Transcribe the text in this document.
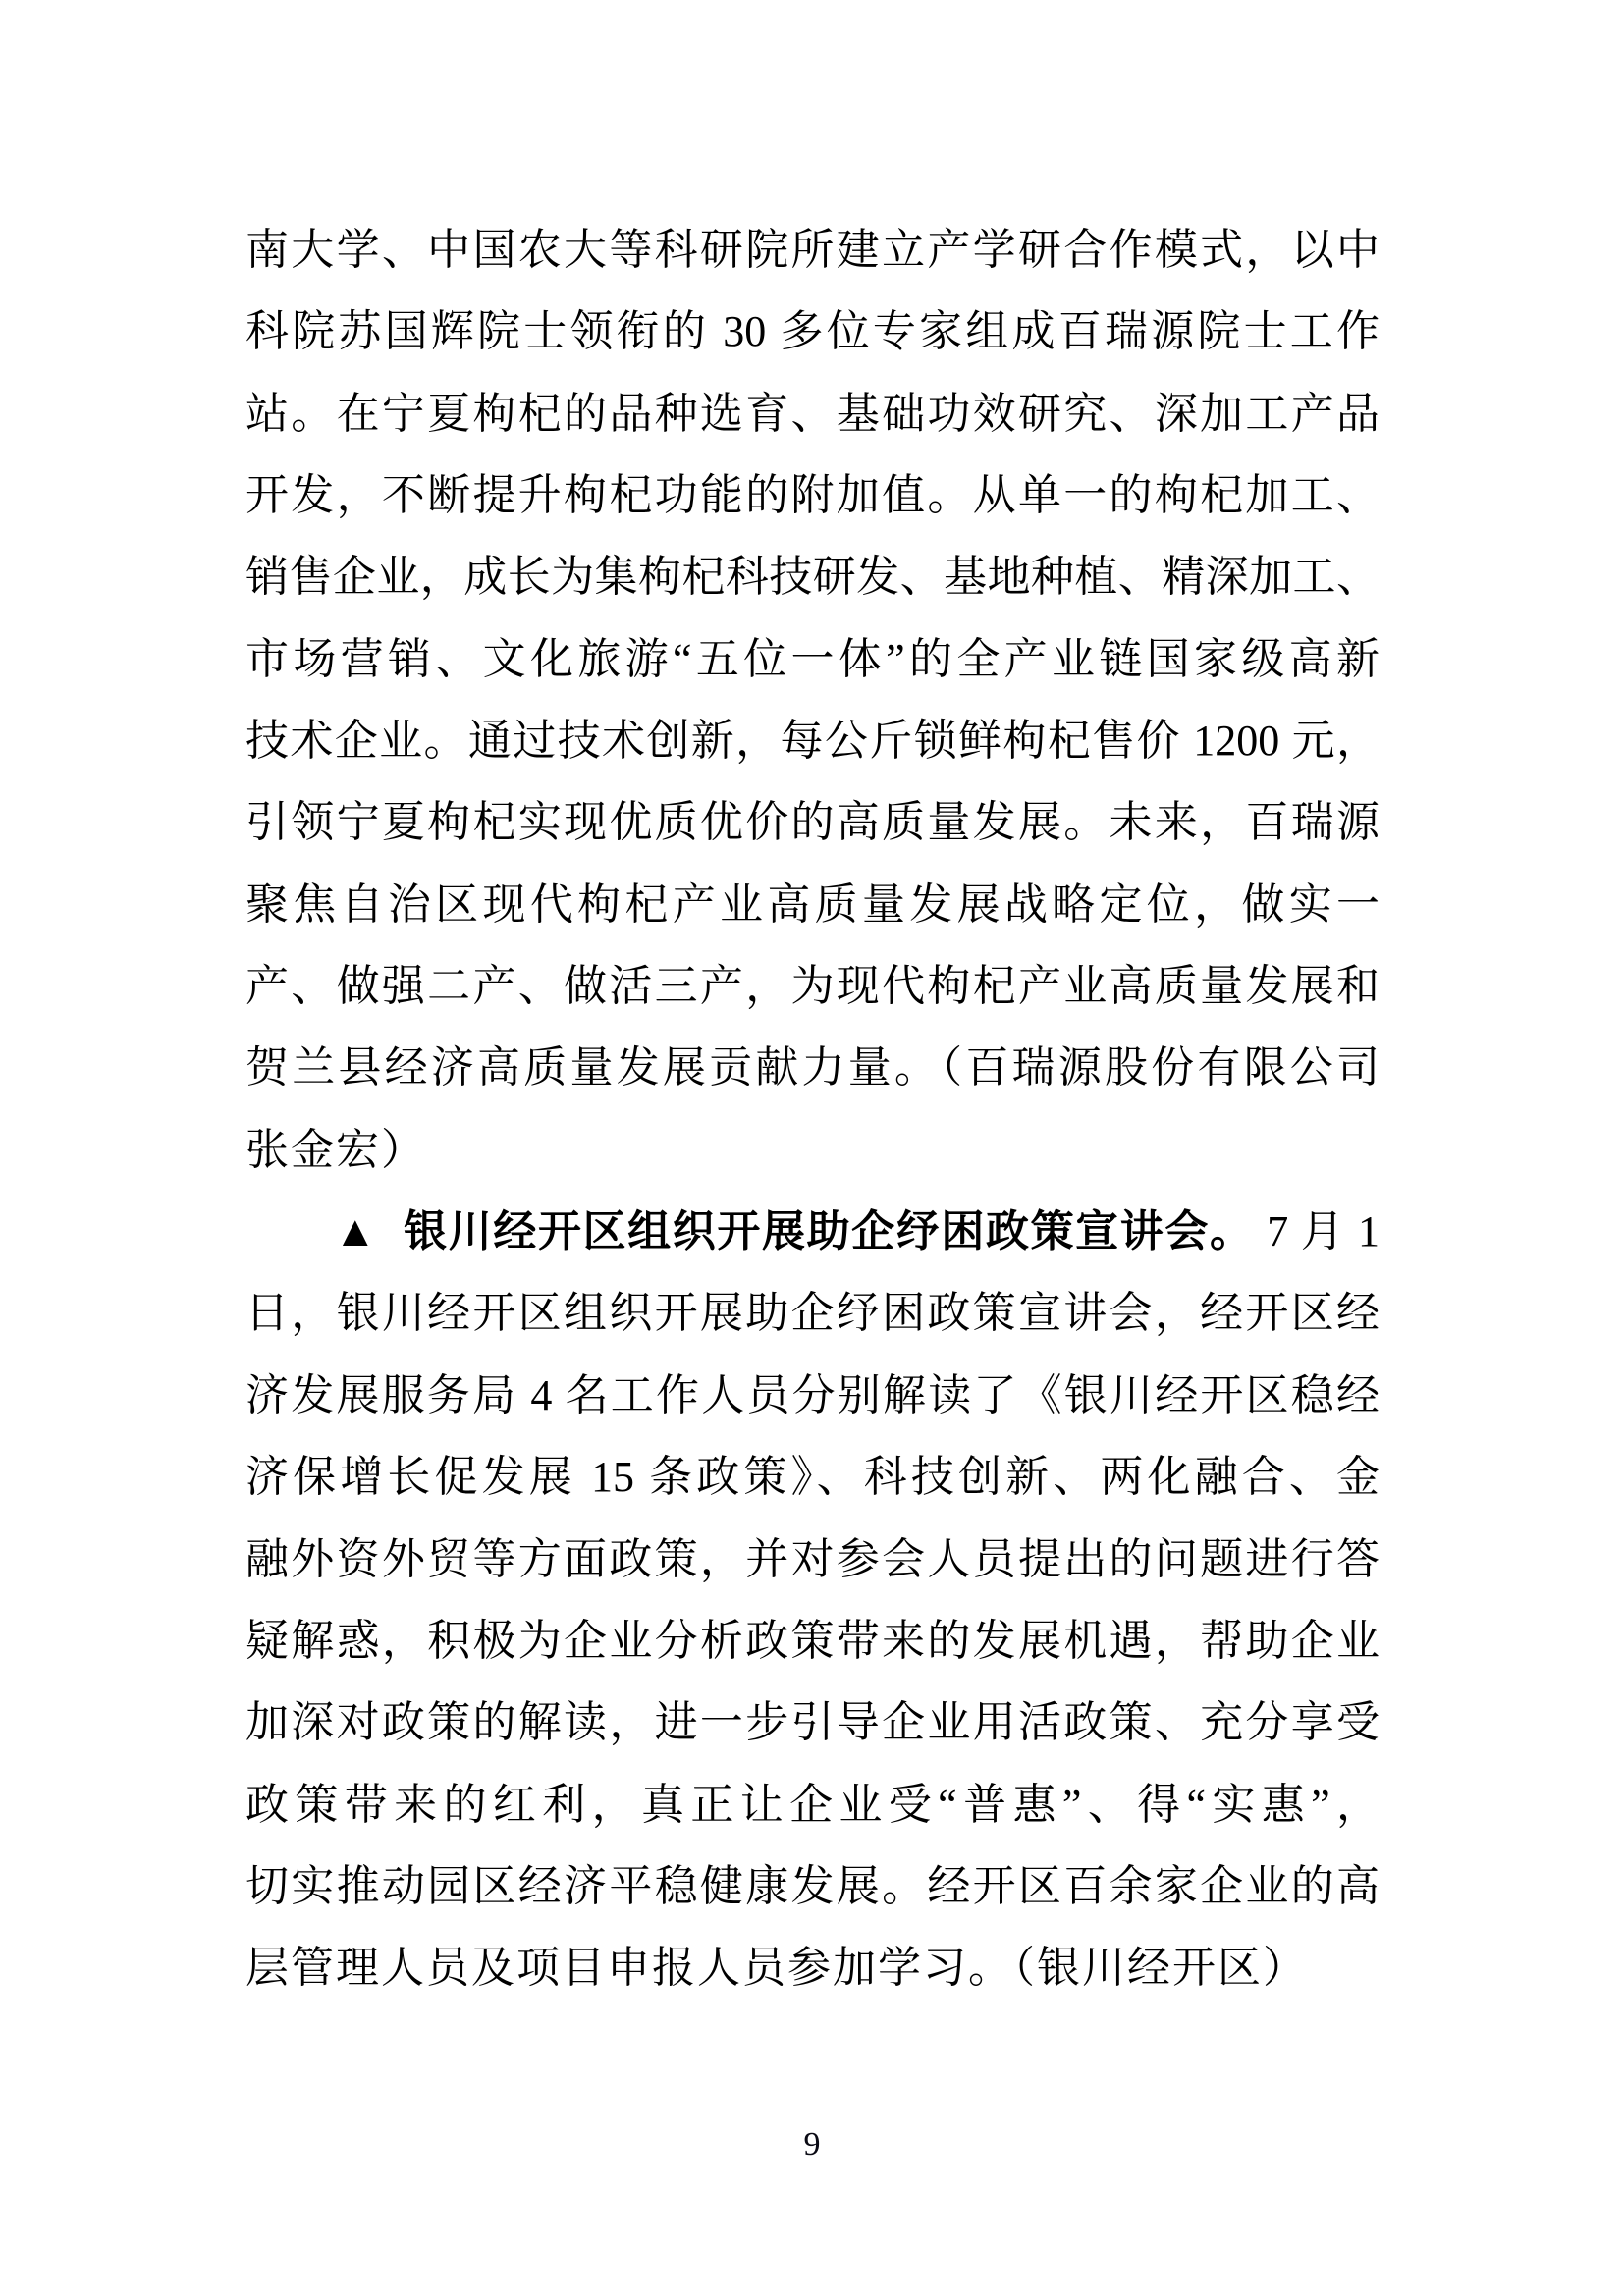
南大学、中国农大等科研院所建立产学研合作模式，以中
科院苏国辉院士领衔的 30 多位专家组成百瑞源院士工作
站。在宁夏枸杞的品种选育、基础功效研究、深加工产品
开发，不断提升枸杞功能的附加值。从单一的枸杞加工、
销售企业，成长为集枸杞科技研发、基地种植、精深加工、
市场营销、文化旅游“五位一体”的全产业链国家级高新
技术企业。通过技术创新，每公斤锁鲜枸杞售价 1200 元，
引领宁夏枸杞实现优质优价的高质量发展。未来，百瑞源
聚焦自治区现代枸杞产业高质量发展战略定位，做实一
产、做强二产、做活三产，为现代枸杞产业高质量发展和
贺兰县经济高质量发展贡献力量。（百瑞源股份有限公司
张金宏）
▲ 银川经开区组织开展助企纾困政策宣讲会。 7 月 1
日，银川经开区组织开展助企纾困政策宣讲会，经开区经
济发展服务局 4 名工作人员分别解读了《银川经开区稳经
济保增长促发展 15 条政策》、科技创新、两化融合、金
融外资外贸等方面政策，并对参会人员提出的问题进行答
疑解惑，积极为企业分析政策带来的发展机遇，帮助企业
加深对政策的解读，进一步引导企业用活政策、充分享受
政策带来的红利，真正让企业受“普惠”、得“实惠”，
切实推动园区经济平稳健康发展。经开区百余家企业的高
层管理人员及项目申报人员参加学习。（银川经开区）
9
